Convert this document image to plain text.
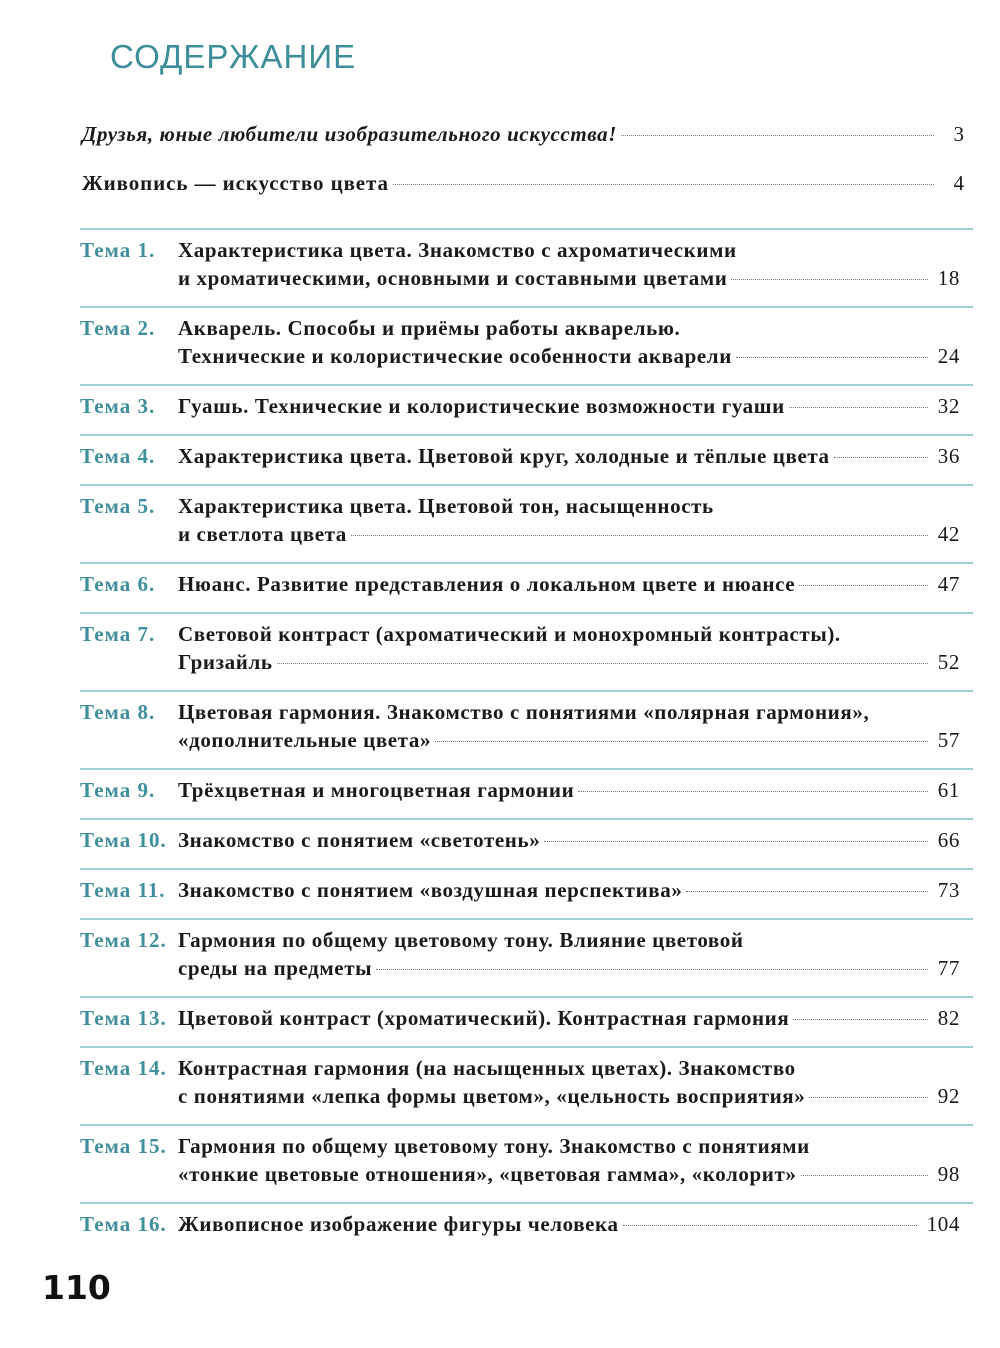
СОДЕРЖАНИЕ
Друзья, юные любители изобразительного искусства!	3
Живопись — искусство цвета	4
Тема 1.	Характеристика цвета. Знакомство с ахроматическими
и хроматическими, основными и составными цветами	18
Тема 2.	Акварель. Способы и приёмы работы акварелью.
Технические и колористические особенности акварели	24
Тема 3.	Гуашь. Технические и колористические возможности гуаши	32
Тема 4.	Характеристика цвета. Цветовой круг, холодные и тёплые цвета	36
Тема 5.	Характеристика цвета. Цветовой тон, насыщенность
и светлота цвета	42
Тема 6.	Нюанс. Развитие представления о локальном цвете и нюансе	47
Тема 7.	Световой контраст (ахроматический и монохромный контрасты).
Гризайль	52
Тема 8.	Цветовая гармония. Знакомство с понятиями «полярная гармония»,
«дополнительные цвета»	57
Тема 9.	Трёхцветная и многоцветная гармонии	61
Тема 10. Знакомство с понятием «светотень»	66
Тема 11. Знакомство с понятием «воздушная перспектива»	73
Тема 12. Гармония по общему цветовому тону. Влияние цветовой
среды на предметы	77
Тема 13. Цветовой контраст (хроматический). Контрастная гармония	82
Тема 14. Контрастная гармония (на насыщенных цветах). Знакомство
с понятиями «лепка формы цветом», «цельность восприятия»	92
Тема 15. Гармония по общему цветовому тону. Знакомство с понятиями
«тонкие цветовые отношения», «цветовая гамма», «колорит»	98
Тема 16. Живописное изображение фигуры человека	104
110
